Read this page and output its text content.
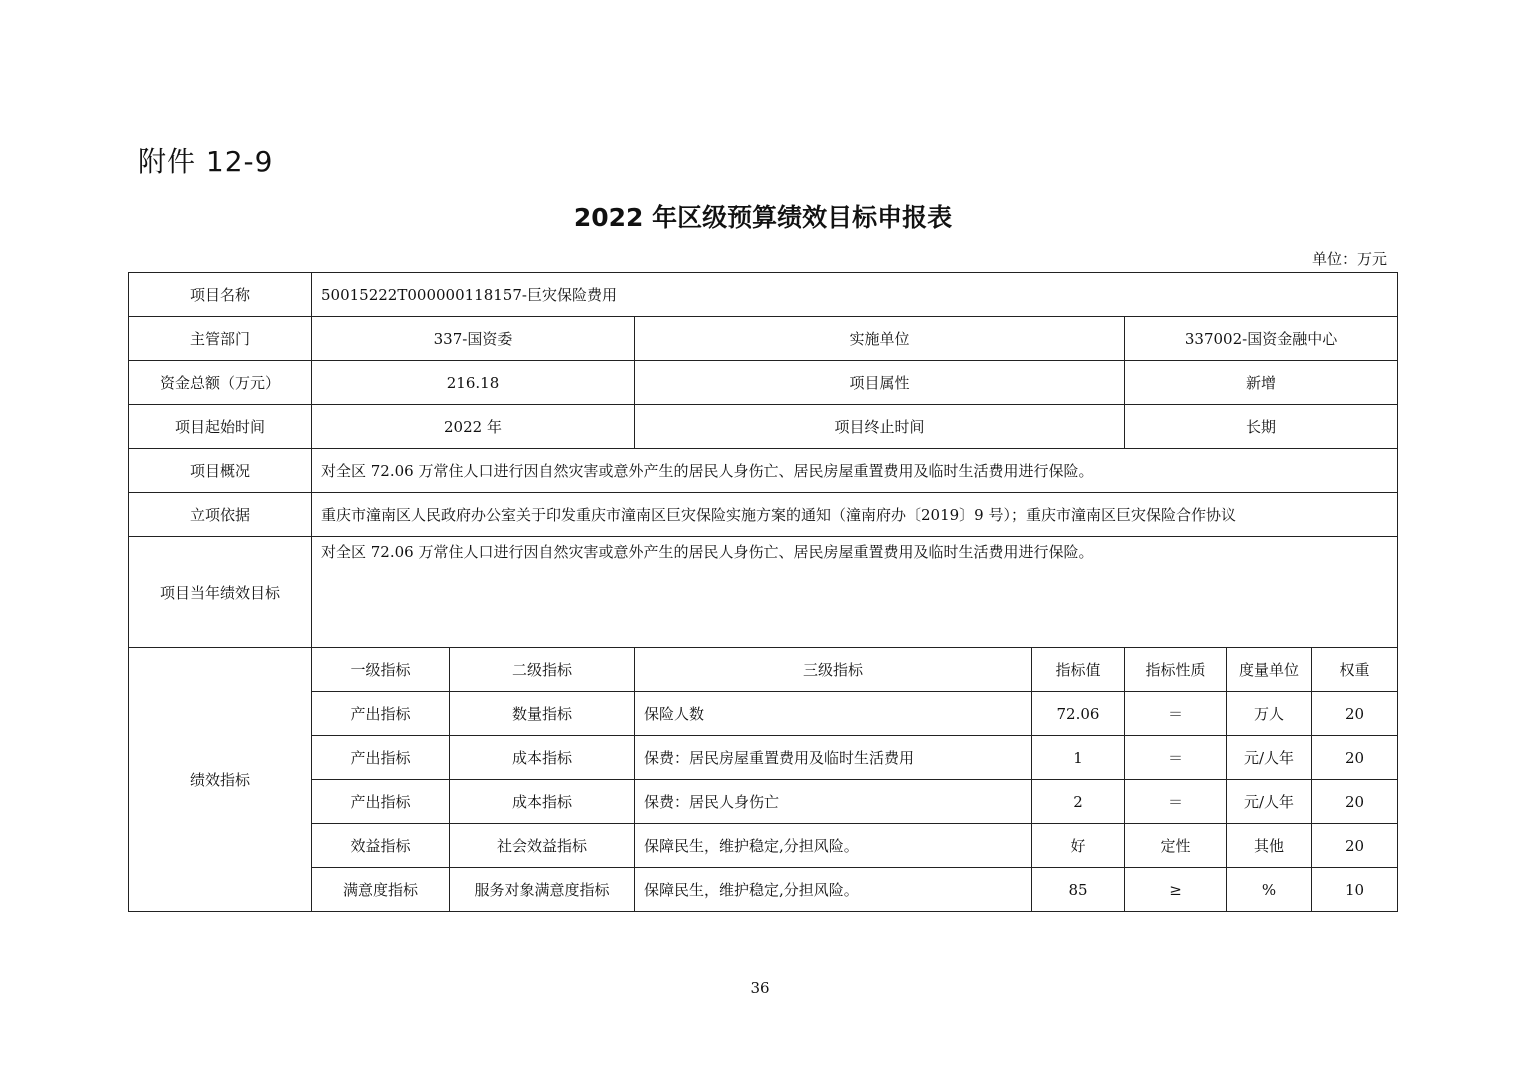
附件 12-9
2022 年区级预算绩效目标申报表
单位：万元
项目名称	50015222T000000118157-巨灾保险费用						
主管部门	337-国资委		实施单位		337002-国资金融中心		
资金总额（万元）	216.18		项目属性		新增		
项目起始时间	2022 年		项目终止时间		长期		
项目概况	对全区 72.06 万常住人口进行因自然灾害或意外产生的居民人身伤亡、居民房屋重置费用及临时生活费用进行保险。						
立项依据	重庆市潼南区人民政府办公室关于印发重庆市潼南区巨灾保险实施方案的通知（潼南府办〔2019〕9 号）；重庆市潼南区巨灾保险合作协议						
项目当年绩效目标	对全区 72.06 万常住人口进行因自然灾害或意外产生的居民人身伤亡、居民房屋重置费用及临时生活费用进行保险。						
绩效指标	一级指标	二级指标	三级指标	指标值	指标性质	度量单位	权重
	产出指标	数量指标	保险人数	72.06	＝	万人	20
	产出指标	成本指标	保费：居民房屋重置费用及临时生活费用	1	＝	元/人年	20
	产出指标	成本指标	保费：居民人身伤亡	2	＝	元/人年	20
	效益指标	社会效益指标	保障民生，维护稳定,分担风险。	好	定性	其他	20
	满意度指标	服务对象满意度指标	保障民生，维护稳定,分担风险。	85	≥	%	10
36
